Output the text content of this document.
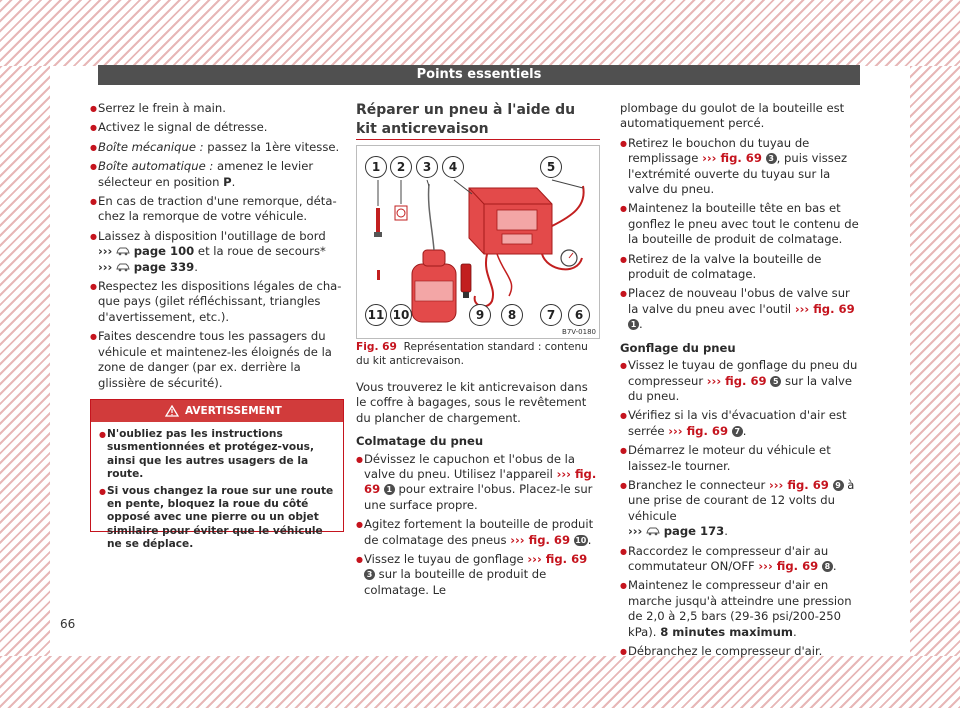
Points essentiels

● Serrez le frein à main.

● Activez le signal de détresse.

● Boîte mécanique : passez la 1ère vitesse.

● Boîte automatique : amenez le levier sélecteur en position P.

● En cas de traction d'une remorque, détachez la remorque de votre véhicule.

● Laissez à disposition l'outillage de bord
››› page 100 et la roue de secours*
››› page 339.

● Respectez les dispositions légales de chaque pays (gilet réfléchissant, triangles d'avertissement, etc.).

● Faites descendre tous les passagers du véhicule et maintenez-les éloignés de la zone de danger (par ex. derrière la glissière de sécurité).

AVERTISSEMENT

● N'oubliez pas les instructions susmentionnées et protégez-vous, ainsi que les autres usagers de la route.

● Si vous changez la roue sur une route en pente, bloquez la roue du côté opposé avec une pierre ou un objet similaire pour éviter que le véhicule ne se déplace.

Réparer un pneu à l'aide du kit anticrevaison
1	2	3	4	5
11 10	9	8	7	6
B7V-0180
Fig. 69 Représentation standard : contenu du kit anticrevaison.

Vous trouverez le kit anticrevaison dans le coffre à bagages, sous le revêtement du plancher de chargement.

Colmatage du pneu

● Dévissez le capuchon et l'obus de la valve du pneu. Utilisez l'appareil ››› fig. 69 1 pour extraire l'obus. Placez-le sur une surface propre.

● Agitez fortement la bouteille de produit de colmatage des pneus ››› fig. 69 10.

● Vissez le tuyau de gonflage ››› fig. 69 3 sur la bouteille de produit de colmatage. Le

plombage du goulot de la bouteille est automatiquement percé.

● Retirez le bouchon du tuyau de remplissage ››› fig. 69 3 , puis vissez l'extrémité ouverte du tuyau sur la valve du pneu.

● Maintenez la bouteille tête en bas et gonflez le pneu avec tout le contenu de la bouteille de produit de colmatage.

● Retirez de la valve la bouteille de produit de colmatage.

● Placez de nouveau l'obus de valve sur la valve du pneu avec l'outil ››› fig. 69 1 .

Gonflage du pneu

● Vissez le tuyau de gonflage du pneu du compresseur ››› fig. 69 5 sur la valve du pneu.

● Vérifiez si la vis d'évacuation d'air est serrée ››› fig. 69 7 .

● Démarrez le moteur du véhicule et laissez-le tourner.

● Branchez le connecteur ››› fig. 69 9 à une prise de courant de 12 volts du véhicule
››› page 173.

● Raccordez le compresseur d'air au commutateur ON/OFF ››› fig. 69 8 .

● Maintenez le compresseur d'air en marche jusqu'à atteindre une pression de 2,0 à 2,5 bars (29-36 psi/200-250 kPa). 8 minutes maximum.

● Débranchez le compresseur d'air.

66
